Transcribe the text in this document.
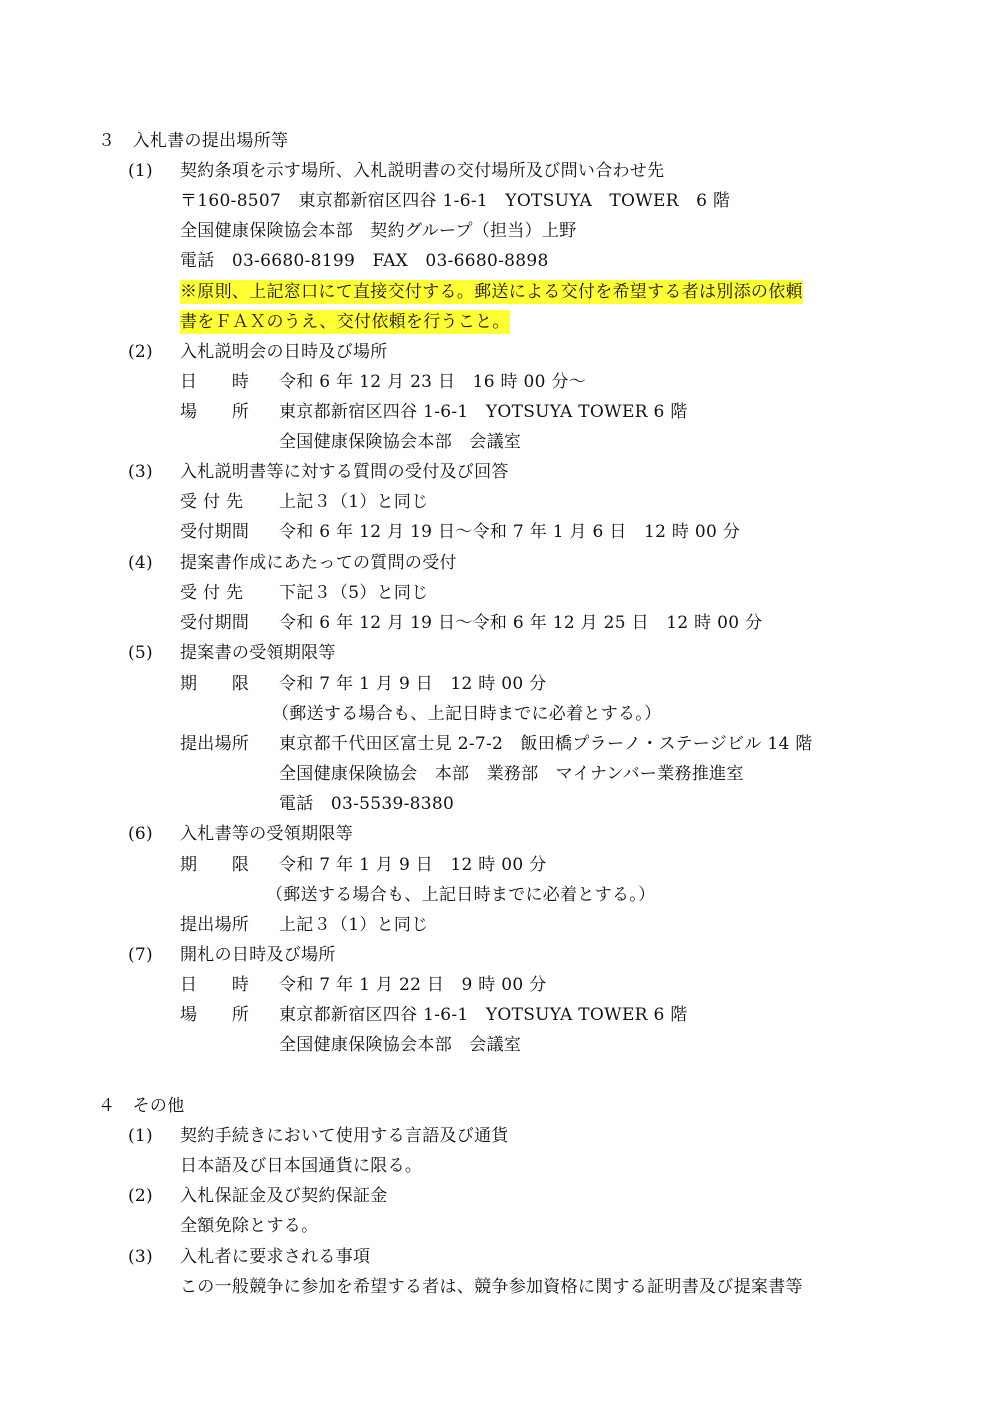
３　入札書の提出場所等
(1) 契約条項を示す場所、入札説明書の交付場所及び問い合わせ先
〒160-8507　東京都新宿区四谷 1-6-1　YOTSUYA　TOWER　6 階
全国健康保険協会本部　契約グループ（担当）上野
電話　03-6680-8199　FAX　03-6680-8898
※原則、上記窓口にて直接交付する。郵送による交付を希望する者は別添の依頼
書をＦＡＸのうえ、交付依頼を行うこと。
(2) 入札説明会の日時及び場所
日　　時 令和 6 年 12 月 23 日　16 時 00 分～
場　　所 東京都新宿区四谷 1-6-1　YOTSUYA TOWER 6 階
全国健康保険協会本部　会議室
(3) 入札説明書等に対する質問の受付及び回答
受 付 先 上記３（1）と同じ
受付期間 令和 6 年 12 月 19 日～令和 7 年 1 月 6 日　12 時 00 分
(4) 提案書作成にあたっての質問の受付
受 付 先 下記３（5）と同じ
受付期間 令和 6 年 12 月 19 日～令和 6 年 12 月 25 日　12 時 00 分
(5) 提案書の受領期限等
期　　限 令和 7 年 1 月 9 日　12 時 00 分
（郵送する場合も、上記日時までに必着とする。）
提出場所 東京都千代田区富士見 2-7-2　飯田橋プラーノ・ステージビル 14 階
全国健康保険協会　本部　業務部　マイナンバー業務推進室
電話　03-5539-8380
(6) 入札書等の受領期限等
期　　限 令和 7 年 1 月 9 日　12 時 00 分
（郵送する場合も、上記日時までに必着とする。）
提出場所 上記３（1）と同じ
(7) 開札の日時及び場所
日　　時 令和 7 年 1 月 22 日　9 時 00 分
場　　所 東京都新宿区四谷 1-6-1　YOTSUYA TOWER 6 階
全国健康保険協会本部　会議室
４　その他
(1) 契約手続きにおいて使用する言語及び通貨
日本語及び日本国通貨に限る。
(2) 入札保証金及び契約保証金
全額免除とする。
(3) 入札者に要求される事項
この一般競争に参加を希望する者は、競争参加資格に関する証明書及び提案書等
